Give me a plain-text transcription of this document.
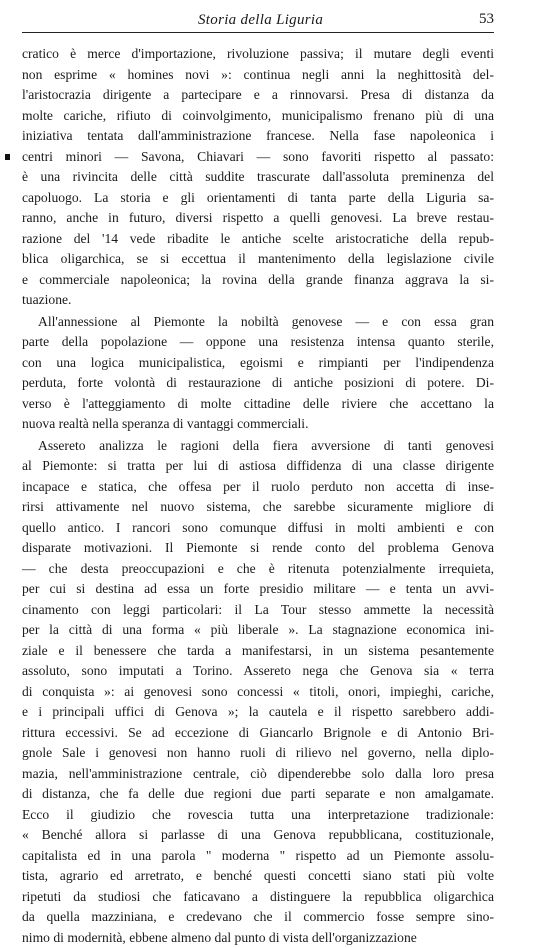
Storia della Liguria	53
cratico è merce d'importazione, rivoluzione passiva; il mutare degli eventi
non esprime « homines novi »: continua negli anni la neghittosità del-
l'aristocrazia dirigente a partecipare e a rinnovarsi. Presa di distanza da
molte cariche, rifiuto di coinvolgimento, municipalismo frenano più di una
iniziativa tentata dall'amministrazione francese. Nella fase napoleonica i
centri minori — Savona, Chiavari — sono favoriti rispetto al passato:
è una rivincita delle città suddite trascurate dall'assoluta preminenza del
capoluogo. La storia e gli orientamenti di tanta parte della Liguria sa-
ranno, anche in futuro, diversi rispetto a quelli genovesi. La breve restau-
razione del '14 vede ribadite le antiche scelte aristocratiche della repub-
blica oligarchica, se si eccettua il mantenimento della legislazione civile
e commerciale napoleonica; la rovina della grande finanza aggrava la si-
tuazione.
All'annessione al Piemonte la nobiltà genovese — e con essa gran
parte della popolazione — oppone una resistenza intensa quanto sterile,
con una logica municipalistica, egoismi e rimpianti per l'indipendenza
perduta, forte volontà di restaurazione di antiche posizioni di potere. Di-
verso è l'atteggiamento di molte cittadine delle riviere che accettano la
nuova realtà nella speranza di vantaggi commerciali.
Assereto analizza le ragioni della fiera avversione di tanti genovesi
al Piemonte: si tratta per lui di astiosa diffidenza di una classe dirigente
incapace e statica, che offesa per il ruolo perduto non accetta di inse-
rirsi attivamente nel nuovo sistema, che sarebbe sicuramente migliore di
quello antico. I rancori sono comunque diffusi in molti ambienti e con
disparate motivazioni. Il Piemonte si rende conto del problema Genova
— che desta preoccupazioni e che è ritenuta potenzialmente irrequieta,
per cui si destina ad essa un forte presidio militare — e tenta un avvi-
cinamento con leggi particolari: il La Tour stesso ammette la necessità
per la città di una forma « più liberale ». La stagnazione economica ini-
ziale e il benessere che tarda a manifestarsi, in un sistema pesantemente
assoluto, sono imputati a Torino. Assereto nega che Genova sia « terra
di conquista »: ai genovesi sono concessi « titoli, onori, impieghi, cariche,
e i principali uffici di Genova »; la cautela e il rispetto sarebbero addi-
rittura eccessivi. Se ad eccezione di Giancarlo Brignole e di Antonio Bri-
gnole Sale i genovesi non hanno ruoli di rilievo nel governo, nella diplo-
mazia, nell'amministrazione centrale, ciò dipenderebbe solo dalla loro presa
di distanza, che fa delle due regioni due parti separate e non amalgamate.
Ecco il giudizio che rovescia tutta una interpretazione tradizionale:
« Benché allora si parlasse di una Genova repubblicana, costituzionale,
capitalista ed in una parola " moderna " rispetto ad un Piemonte assolu-
tista, agrario ed arretrato, e benché questi concetti siano stati più volte
ripetuti da studiosi che faticavano a distinguere la repubblica oligarchica
da quella mazziniana, e credevano che il commercio fosse sempre sino-
nimo di modernità, ebbene almeno dal punto di vista dell'organizzazione
